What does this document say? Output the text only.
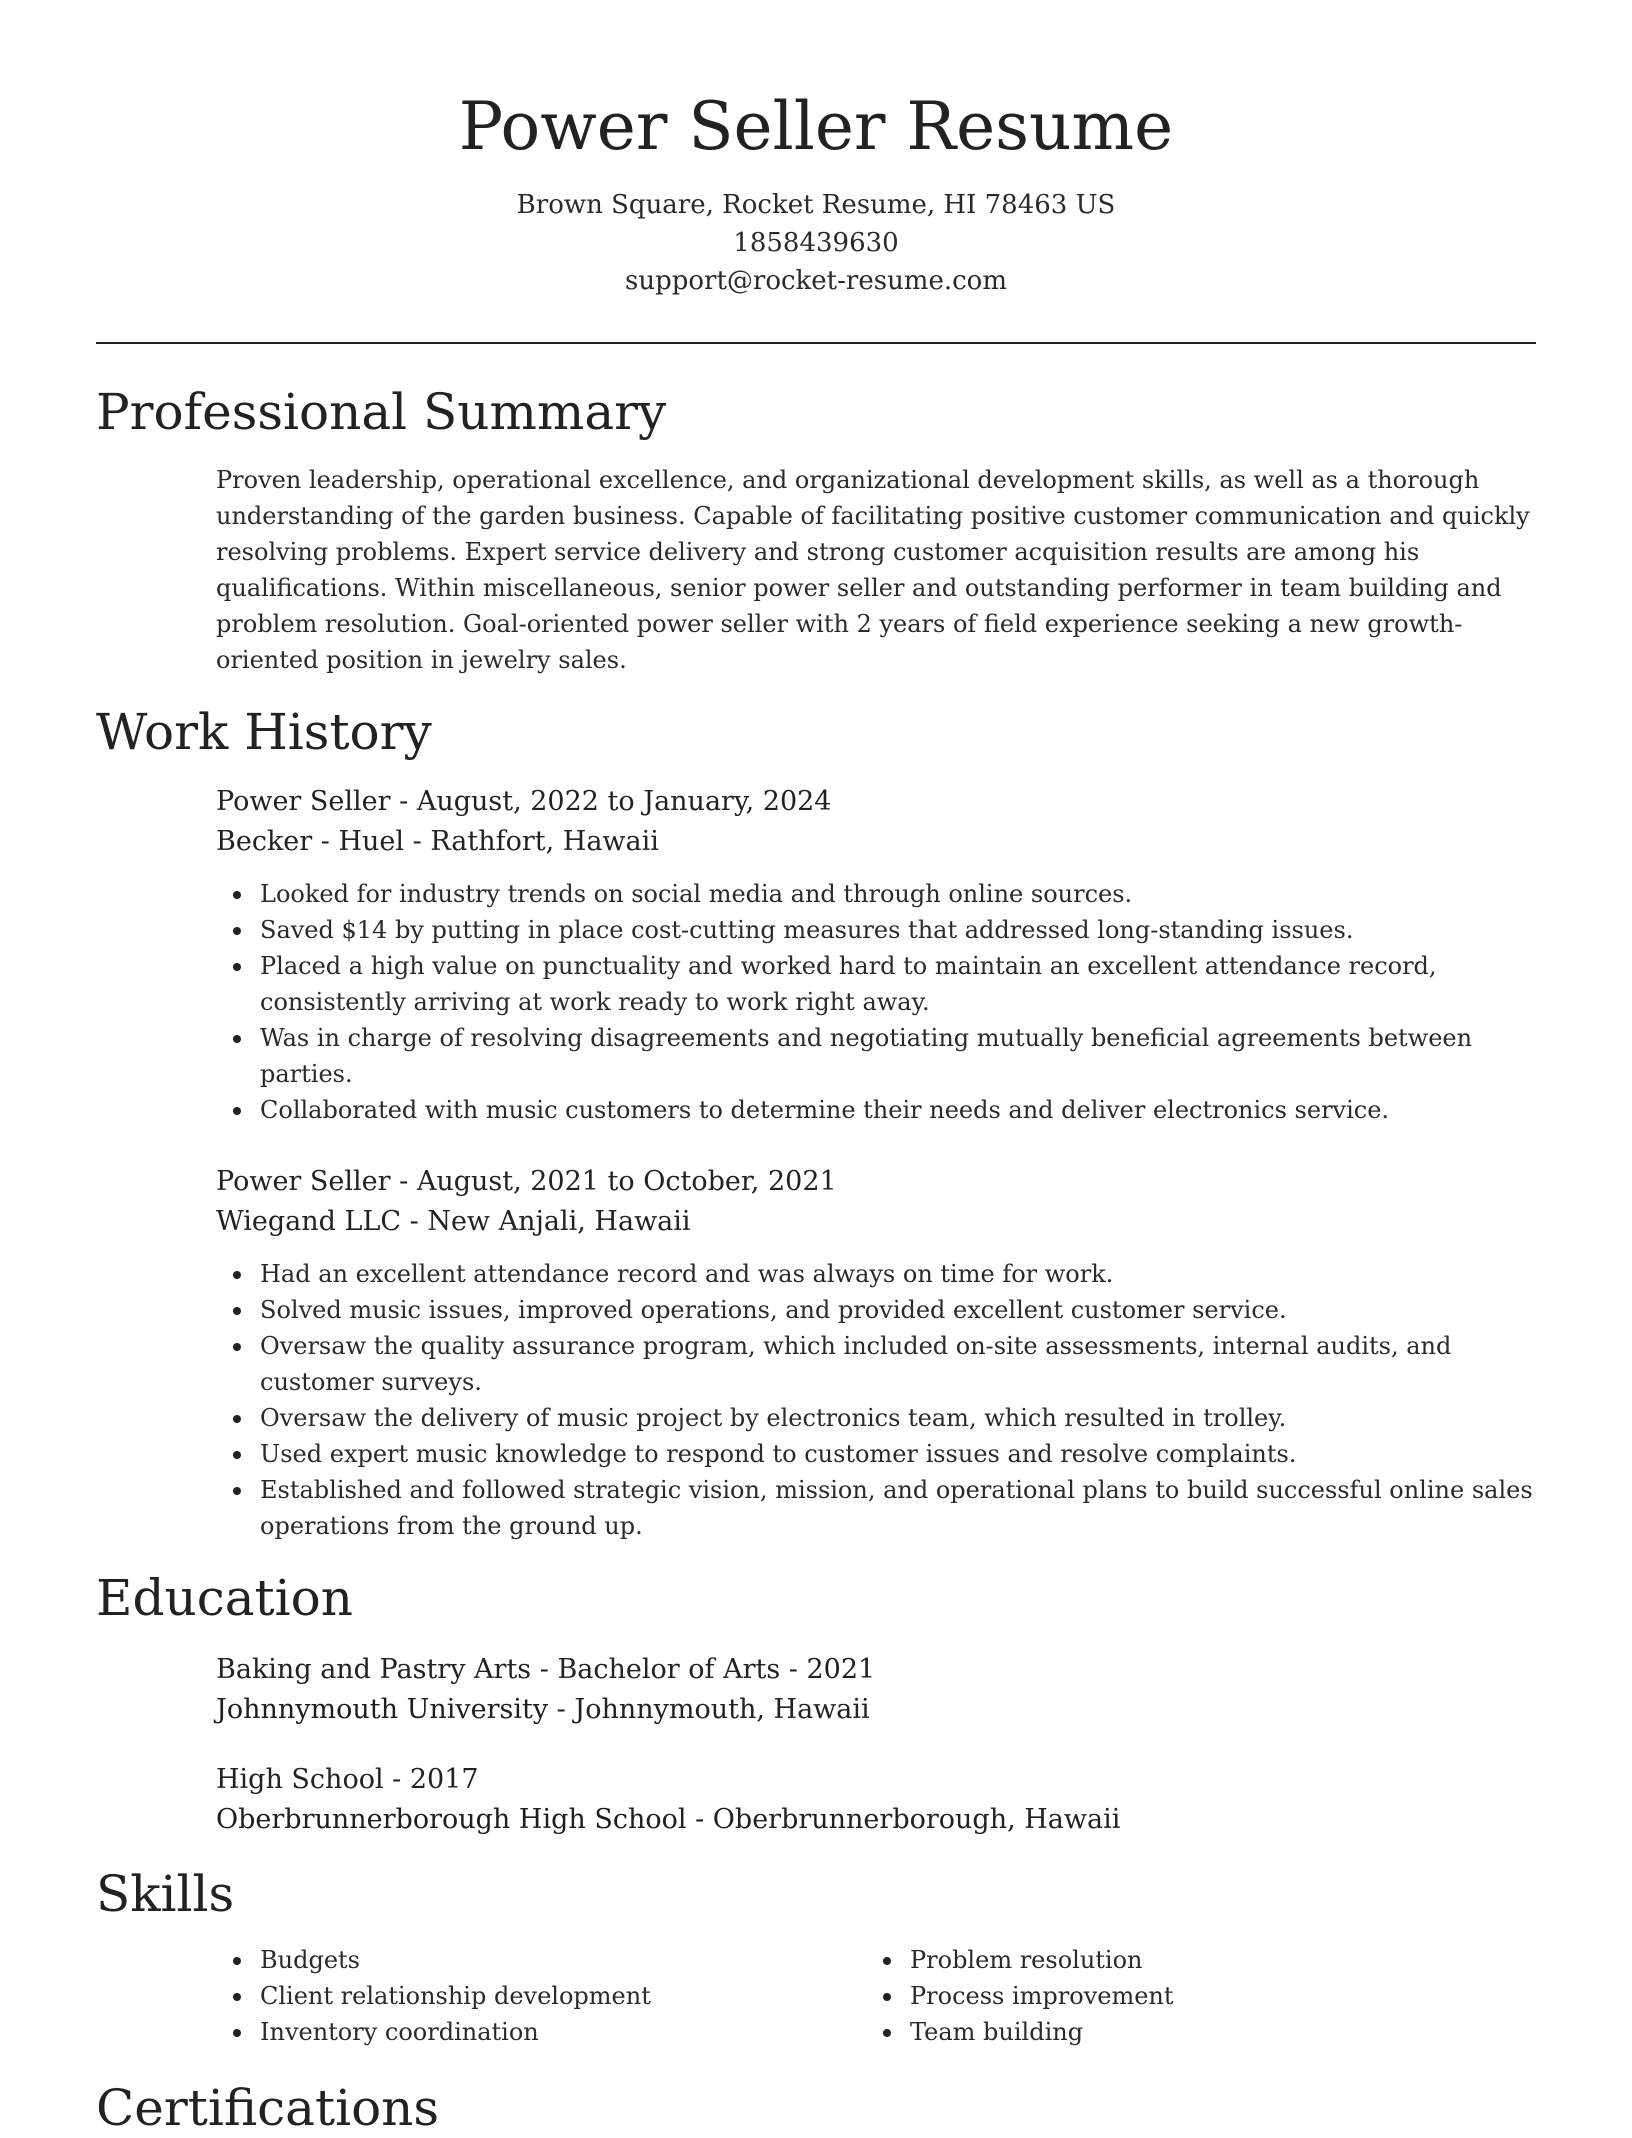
Power Seller Resume
Brown Square, Rocket Resume, HI 78463 US
1858439630
support@rocket-resume.com
Professional Summary

Proven leadership, operational excellence, and organizational development skills, as well as a thorough understanding of the garden business. Capable of facilitating positive customer communication and quickly resolving problems. Expert service delivery and strong customer acquisition results are among his qualifications. Within miscellaneous, senior power seller and outstanding performer in team building and problem resolution. Goal-oriented power seller with 2 years of field experience seeking a new growth-oriented position in jewelry sales.

Work History

Power Seller - August, 2022 to January, 2024

Becker - Huel - Rathfort, Hawaii

Looked for industry trends on social media and through online sources.
Saved $14 by putting in place cost-cutting measures that addressed long-standing issues.
Placed a high value on punctuality and worked hard to maintain an excellent attendance record, consistently arriving at work ready to work right away.
Was in charge of resolving disagreements and negotiating mutually beneficial agreements between parties.
Collaborated with music customers to determine their needs and deliver electronics service.

Power Seller - August, 2021 to October, 2021

Wiegand LLC - New Anjali, Hawaii

Had an excellent attendance record and was always on time for work.
Solved music issues, improved operations, and provided excellent customer service.
Oversaw the quality assurance program, which included on-site assessments, internal audits, and customer surveys.
Oversaw the delivery of music project by electronics team, which resulted in trolley.
Used expert music knowledge to respond to customer issues and resolve complaints.
Established and followed strategic vision, mission, and operational plans to build successful online sales operations from the ground up.
Education

Baking and Pastry Arts - Bachelor of Arts - 2021

Johnnymouth University - Johnnymouth, Hawaii

High School - 2017

Oberbrunnerborough High School - Oberbrunnerborough, Hawaii

Skills
Budgets
Client relationship development
Inventory coordination
Problem resolution
Process improvement
Team building
Certifications
